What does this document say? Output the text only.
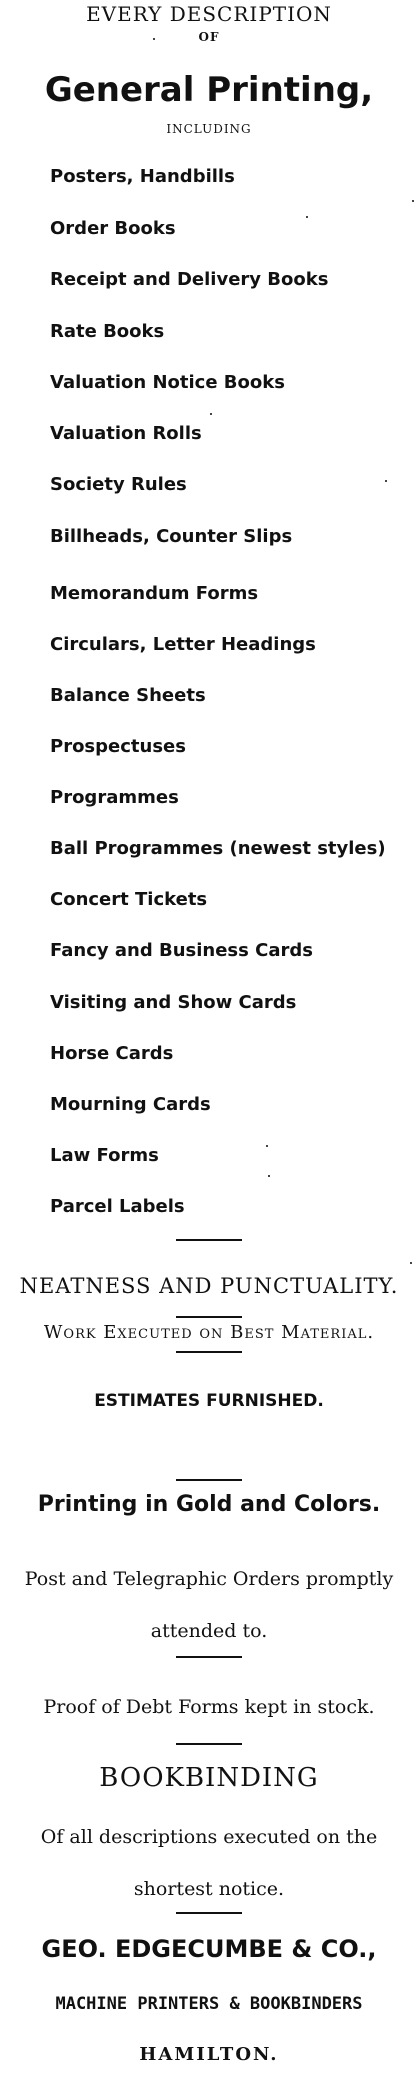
EVERY DESCRIPTION
OF
General Printing,
INCLUDING
Posters, Handbills
Order Books
Receipt and Delivery Books
Rate Books
Valuation Notice Books
Valuation Rolls
Society Rules
Billheads, Counter Slips
Memorandum Forms
Circulars, Letter Headings
Balance Sheets
Prospectuses
Programmes
Ball Programmes (newest styles)
Concert Tickets
Fancy and Business Cards
Visiting and Show Cards
Horse Cards
Mourning Cards
Law Forms
Parcel Labels
NEATNESS AND PUNCTUALITY.
Work Executed on Best Material.
ESTIMATES FURNISHED.
Printing in Gold and Colors.
Post and Telegraphic Orders promptly
attended to.
Proof of Debt Forms kept in stock.
BOOKBINDING
Of all descriptions executed on the
shortest notice.
GEO. EDGECUMBE & CO.,
MACHINE PRINTERS & BOOKBINDERS
HAMILTON.
